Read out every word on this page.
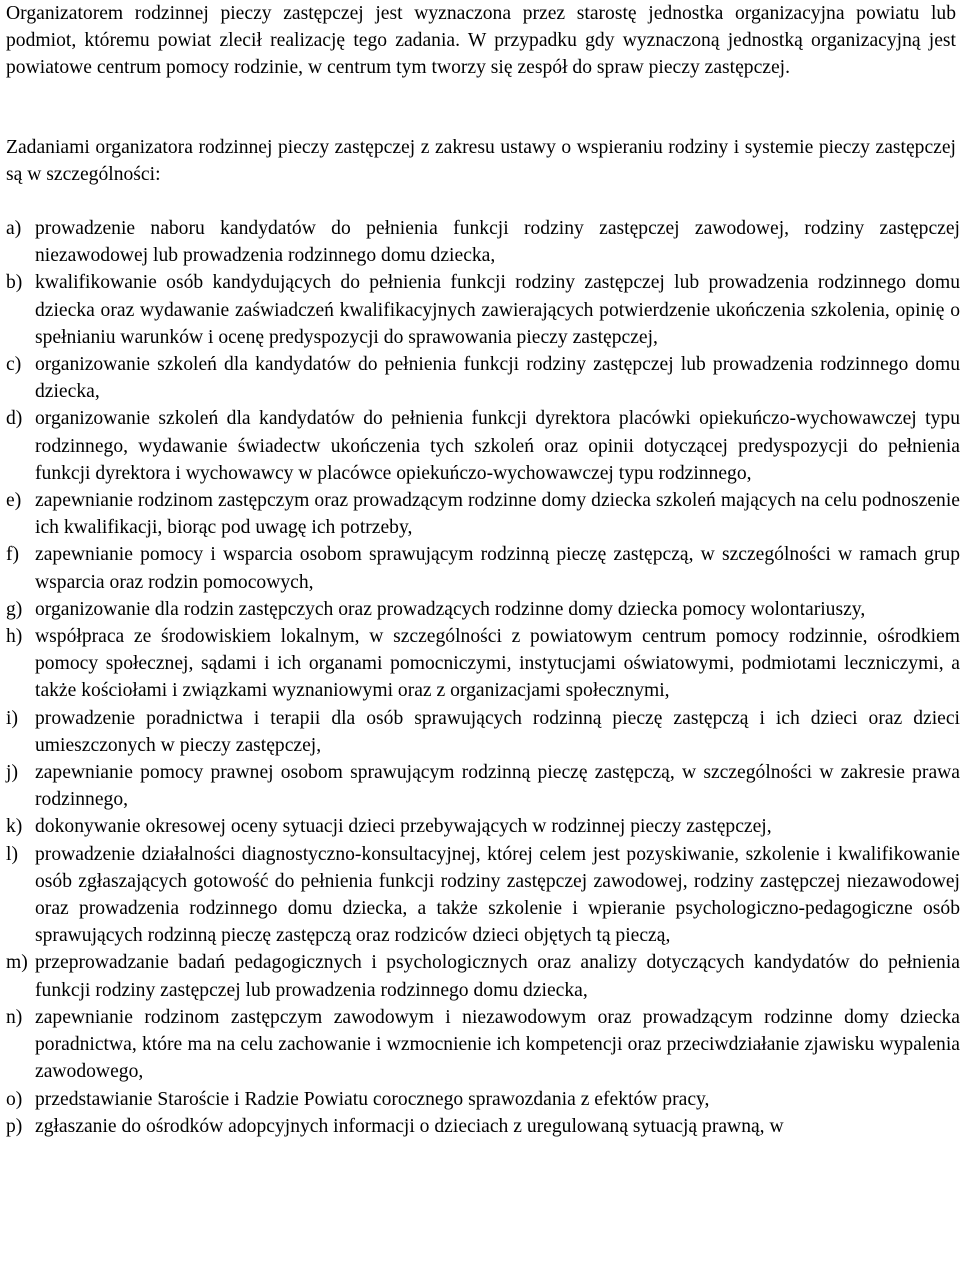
Organizatorem rodzinnej pieczy zastępczej jest wyznaczona przez starostę jednostka organizacyjna powiatu lub podmiot, któremu powiat zlecił realizację tego zadania. W przypadku gdy wyznaczoną jednostką organizacyjną jest powiatowe centrum pomocy rodzinie, w centrum tym tworzy się zespół do spraw pieczy zastępczej.

Zadaniami organizatora rodzinnej pieczy zastępczej z zakresu ustawy o wspieraniu rodziny i systemie pieczy zastępczej są w szczególności:

a) prowadzenie naboru kandydatów do pełnienia funkcji rodziny zastępczej zawodowej, rodziny zastępczej niezawodowej lub prowadzenia rodzinnego domu dziecka,
b) kwalifikowanie osób kandydujących do pełnienia funkcji rodziny zastępczej lub prowadzenia rodzinnego domu dziecka oraz wydawanie zaświadczeń kwalifikacyjnych zawierających potwierdzenie ukończenia szkolenia, opinię o spełnianiu warunków i ocenę predyspozycji do sprawowania pieczy zastępczej,
c) organizowanie szkoleń dla kandydatów do pełnienia funkcji rodziny zastępczej lub prowadzenia rodzinnego domu dziecka,
d) organizowanie szkoleń dla kandydatów do pełnienia funkcji dyrektora placówki opiekuńczo-wychowawczej typu rodzinnego, wydawanie świadectw ukończenia tych szkoleń oraz opinii dotyczącej predyspozycji do pełnienia funkcji dyrektora i wychowawcy w placówce opiekuńczo-wychowawczej typu rodzinnego,
e) zapewnianie rodzinom zastępczym oraz prowadzącym rodzinne domy dziecka szkoleń mających na celu podnoszenie ich kwalifikacji, biorąc pod uwagę ich potrzeby,
f) zapewnianie pomocy i wsparcia osobom sprawującym rodzinną pieczę zastępczą, w szczególności w ramach grup wsparcia oraz rodzin pomocowych,
g) organizowanie dla rodzin zastępczych oraz prowadzących rodzinne domy dziecka pomocy wolontariuszy,
h) współpraca ze środowiskiem lokalnym, w szczególności z powiatowym centrum pomocy rodzinnie, ośrodkiem pomocy społecznej, sądami i ich organami pomocniczymi, instytucjami oświatowymi, podmiotami leczniczymi, a także kościołami i związkami wyznaniowymi oraz z organizacjami społecznymi,
i) prowadzenie poradnictwa i terapii dla osób sprawujących rodzinną pieczę zastępczą i ich dzieci oraz dzieci umieszczonych w pieczy zastępczej,
j) zapewnianie pomocy prawnej osobom sprawującym rodzinną pieczę zastępczą, w szczególności w zakresie prawa rodzinnego,
k) dokonywanie okresowej oceny sytuacji dzieci przebywających w rodzinnej pieczy zastępczej,
l) prowadzenie działalności diagnostyczno-konsultacyjnej, której celem jest pozyskiwanie, szkolenie i kwalifikowanie osób zgłaszających gotowość do pełnienia funkcji rodziny zastępczej zawodowej, rodziny zastępczej niezawodowej oraz prowadzenia rodzinnego domu dziecka, a także szkolenie i wpieranie psychologiczno-pedagogiczne osób sprawujących rodzinną pieczę zastępczą oraz rodziców dzieci objętych tą pieczą,
m) przeprowadzanie badań pedagogicznych i psychologicznych oraz analizy dotyczących kandydatów do pełnienia funkcji rodziny zastępczej lub prowadzenia rodzinnego domu dziecka,
n) zapewnianie rodzinom zastępczym zawodowym i niezawodowym oraz prowadzącym rodzinne domy dziecka poradnictwa, które ma na celu zachowanie i wzmocnienie ich kompetencji oraz przeciwdziałanie zjawisku wypalenia zawodowego,
o) przedstawianie Staroście i Radzie Powiatu corocznego sprawozdania z efektów pracy,
p) zgłaszanie do ośrodków adopcyjnych informacji o dzieciach z uregulowaną sytuacją prawną, w
